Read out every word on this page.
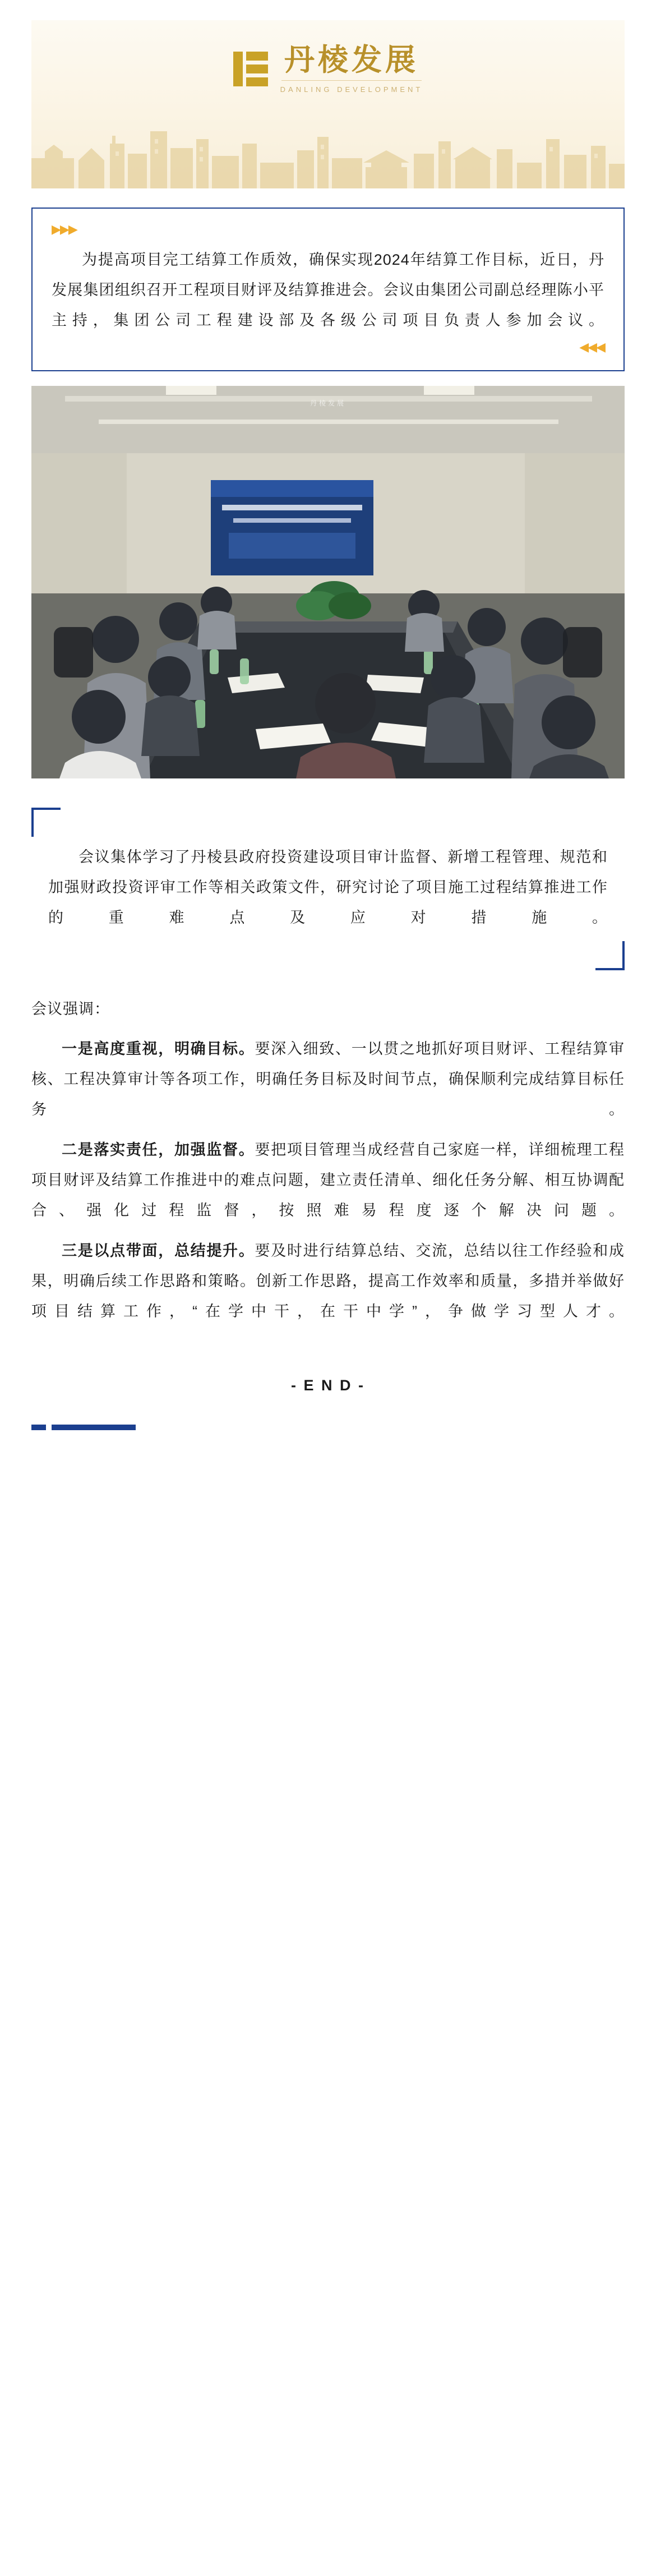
丹棱发展
DANLING DEVELOPMENT
▶▶▶

为提高项目完工结算工作质效，确保实现2024年结算工作目标，近日，丹发展集团组织召开工程项目财评及结算推进会。会议由集团公司副总经理陈小平主持，集团公司工程建设部及各级公司项目负责人参加会议。

◀◀◀
丹棱发展

会议集体学习了丹棱县政府投资建设项目审计监督、新增工程管理、规范和加强财政投资评审工作等相关政策文件，研究讨论了项目施工过程结算推进工作的重难点及应对措施。

会议强调：

一是高度重视，明确目标。要深入细致、一以贯之地抓好项目财评、工程结算审核、工程决算审计等各项工作，明确任务目标及时间节点，确保顺利完成结算目标任务。

二是落实责任，加强监督。要把项目管理当成经营自己家庭一样，详细梳理工程项目财评及结算工作推进中的难点问题，建立责任清单、细化任务分解、相互协调配合、强化过程监督，按照难易程度逐个解决问题。

三是以点带面，总结提升。要及时进行结算总结、交流，总结以往工作经验和成果，明确后续工作思路和策略。创新工作思路，提高工作效率和质量，多措并举做好项目结算工作，“在学中干，在干中学”，争做学习型人才。

- E N D -
